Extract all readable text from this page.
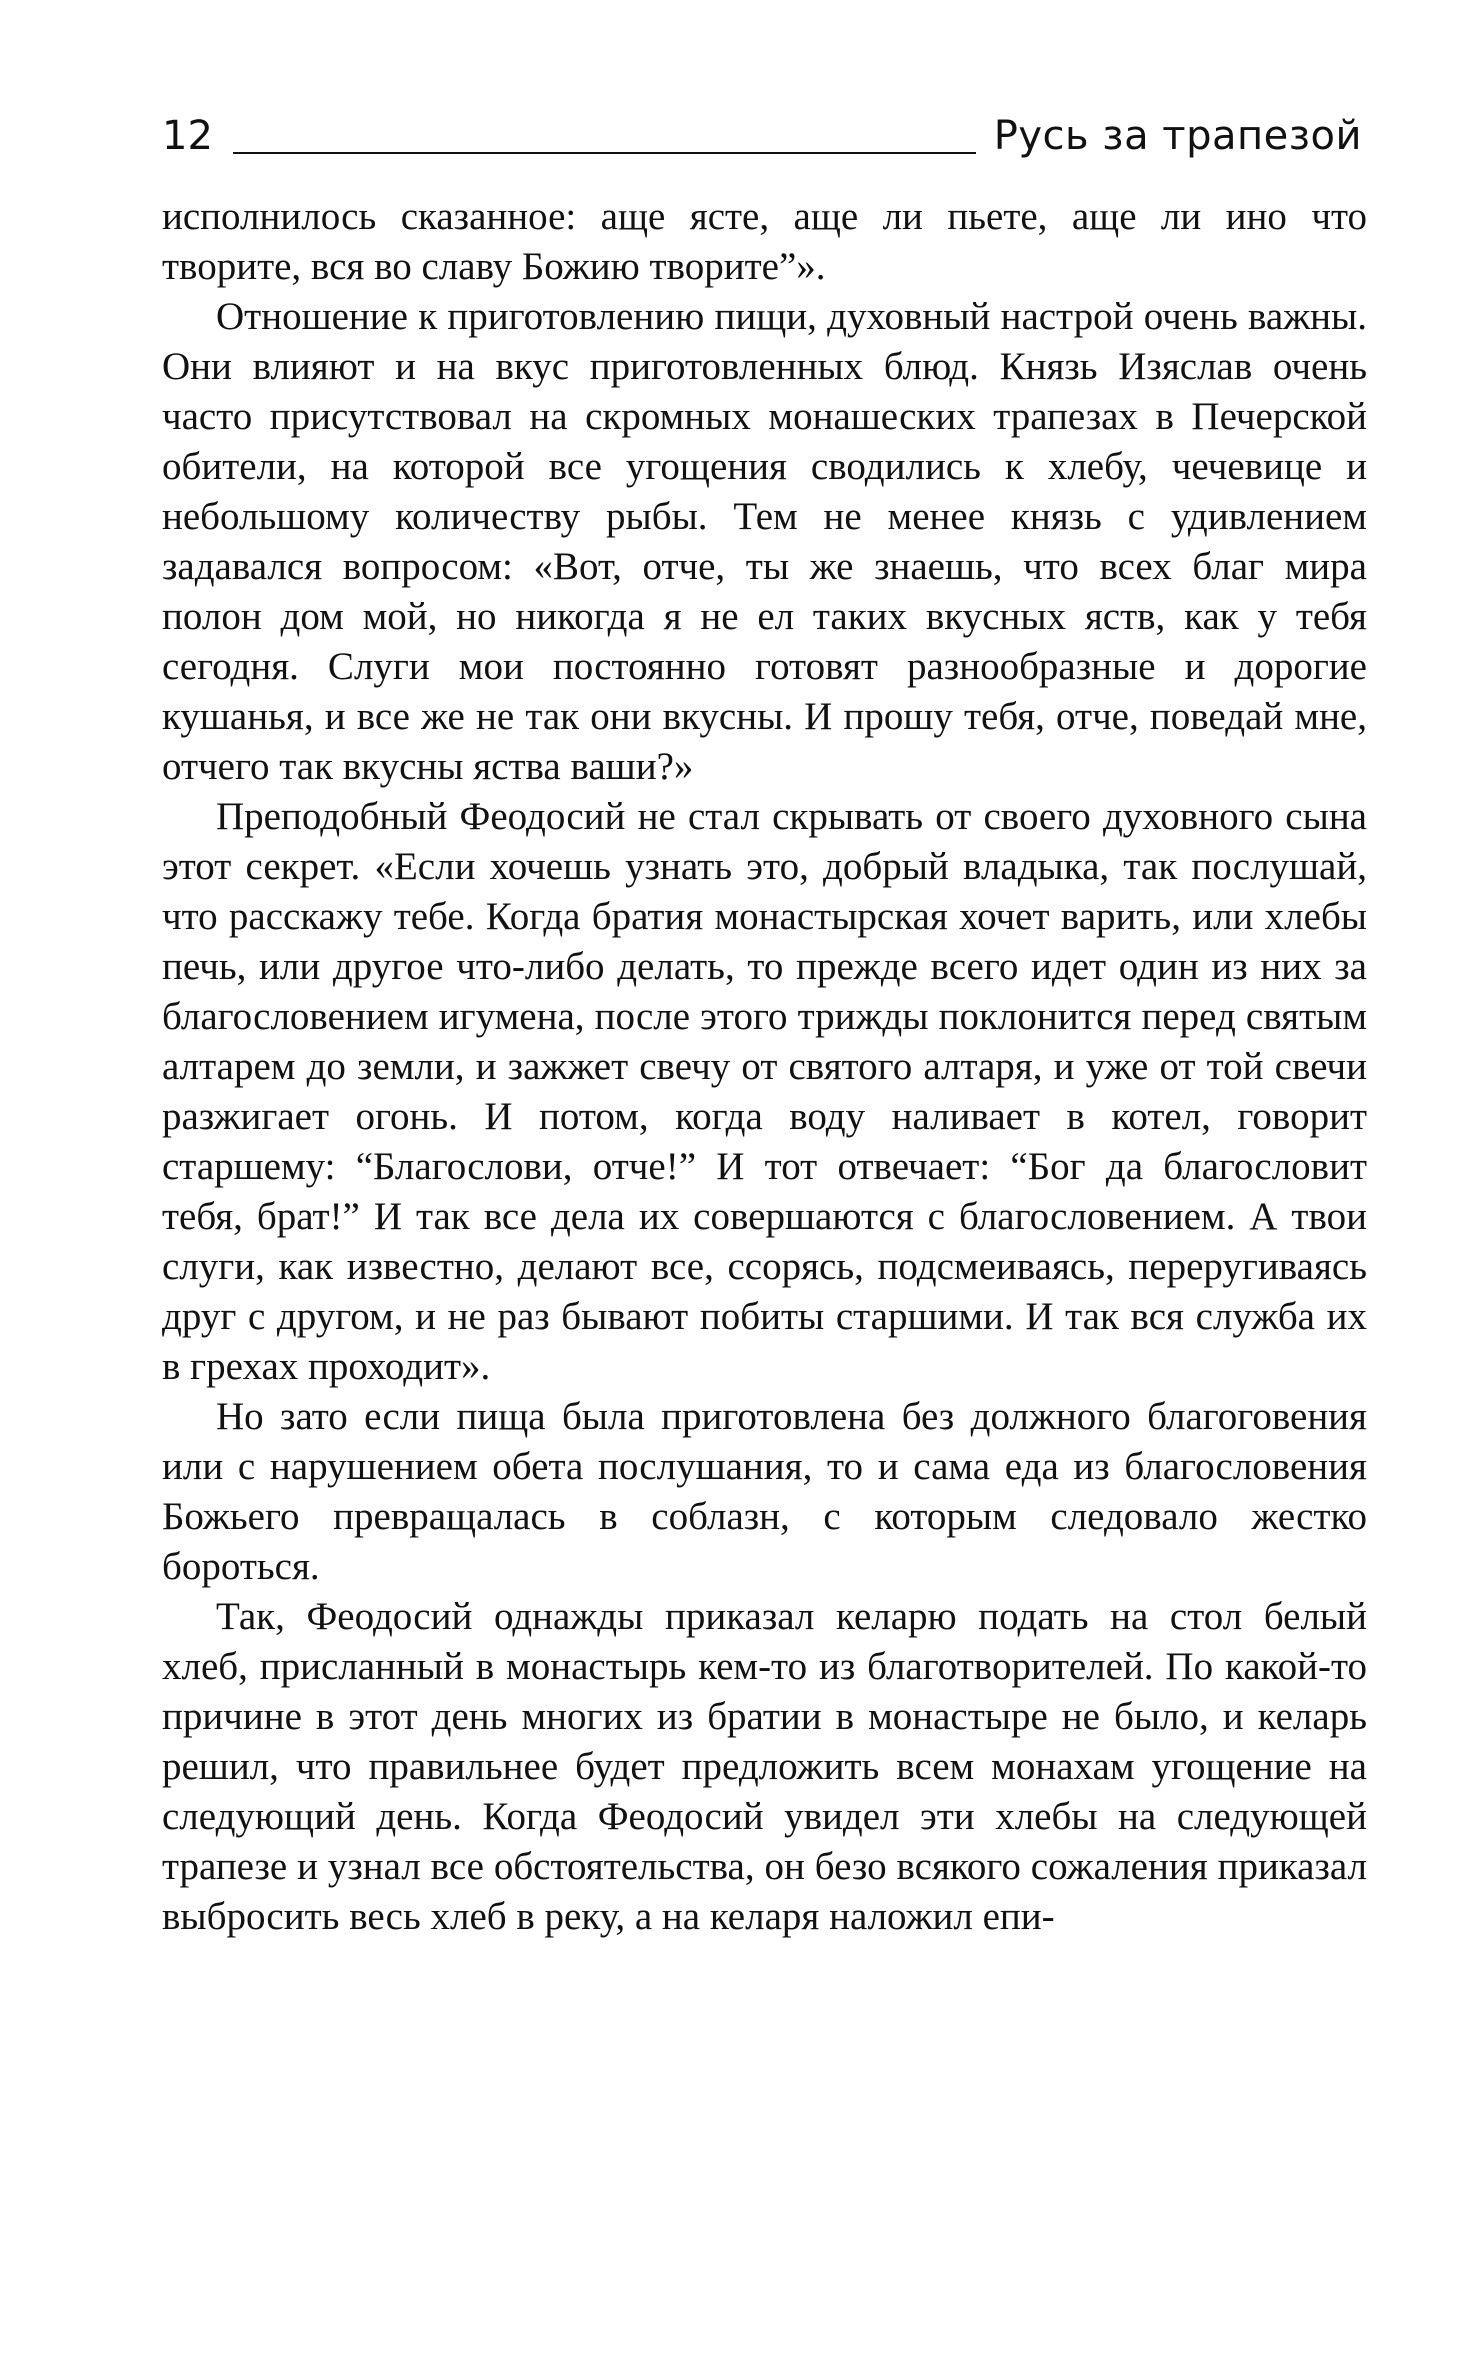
12	Русь за трапезой

исполнилось сказанное: аще ясте, аще ли пьете, аще ли ино что творите, вся во славу Божию творите”».

Отношение к приготовлению пищи, духовный настрой очень важны. Они влияют и на вкус приготовленных блюд. Князь Изяслав очень часто присутствовал на скромных монашеских трапезах в Печерской обители, на которой все угощения сводились к хлебу, чечевице и небольшому количеству рыбы. Тем не менее князь с удивлением задавался вопросом: «Вот, отче, ты же знаешь, что всех благ мира полон дом мой, но никогда я не ел таких вкусных яств, как у тебя сегодня. Слуги мои постоянно готовят разнообразные и дорогие кушанья, и все же не так они вкусны. И прошу тебя, отче, поведай мне, отчего так вкусны яства ваши?»

Преподобный Феодосий не стал скрывать от своего духовного сына этот секрет. «Если хочешь узнать это, добрый владыка, так послушай, что расскажу тебе. Когда братия монастырская хочет варить, или хлебы печь, или другое что-либо делать, то прежде всего идет один из них за благословением игумена, после этого трижды поклонится перед святым алтарем до земли, и зажжет свечу от святого алтаря, и уже от той свечи разжигает огонь. И потом, когда воду наливает в котел, говорит старшему: “Благослови, отче!” И тот отвечает: “Бог да благословит тебя, брат!” И так все дела их совершаются с благословением. А твои слуги, как известно, делают все, ссорясь, подсмеиваясь, переругиваясь друг с другом, и не раз бывают побиты старшими. И так вся служба их в грехах проходит».

Но зато если пища была приготовлена без должного благоговения или с нарушением обета послушания, то и сама еда из благословения Божьего превращалась в соблазн, с которым следовало жестко бороться.

Так, Феодосий однажды приказал келарю подать на стол белый хлеб, присланный в монастырь кем-то из благотворителей. По какой-то причине в этот день многих из братии в монастыре не было, и келарь решил, что правильнее будет предложить всем монахам угощение на следующий день. Когда Феодосий увидел эти хлебы на следующей трапезе и узнал все обстоятельства, он безо всякого сожаления приказал выбросить весь хлеб в реку, а на келаря наложил епи-
